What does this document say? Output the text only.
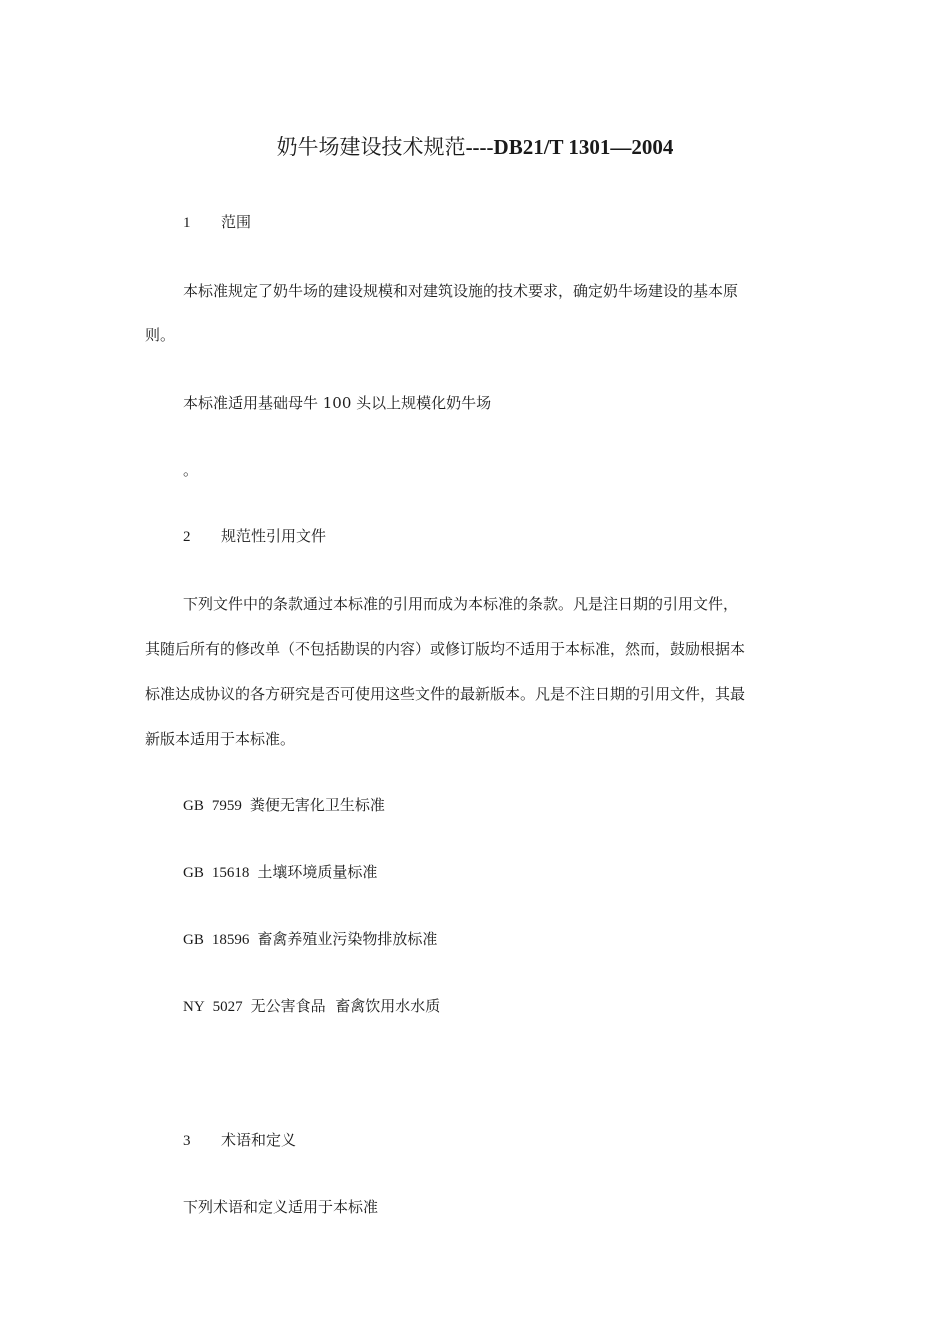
奶牛场建设技术规范----DB21/T 1301—2004
1 范围
本标准规定了奶牛场的建设规模和对建筑设施的技术要求，确定奶牛场建设的基本原
则。
本标准适用基础母牛 100 头以上规模化奶牛场
。
2 规范性引用文件
下列文件中的条款通过本标准的引用而成为本标准的条款。凡是注日期的引用文件，
其随后所有的修改单（不包括勘误的内容）或修订版均不适用于本标准，然而，鼓励根据本
标准达成协议的各方研究是否可使用这些文件的最新版本。凡是不注日期的引用文件，其最
新版本适用于本标准。
GB 7959 粪便无害化卫生标准
GB 15618 土壤环境质量标准
GB 18596 畜禽养殖业污染物排放标准
NY 5027 无公害食品  畜禽饮用水水质
3 术语和定义
下列术语和定义适用于本标准
